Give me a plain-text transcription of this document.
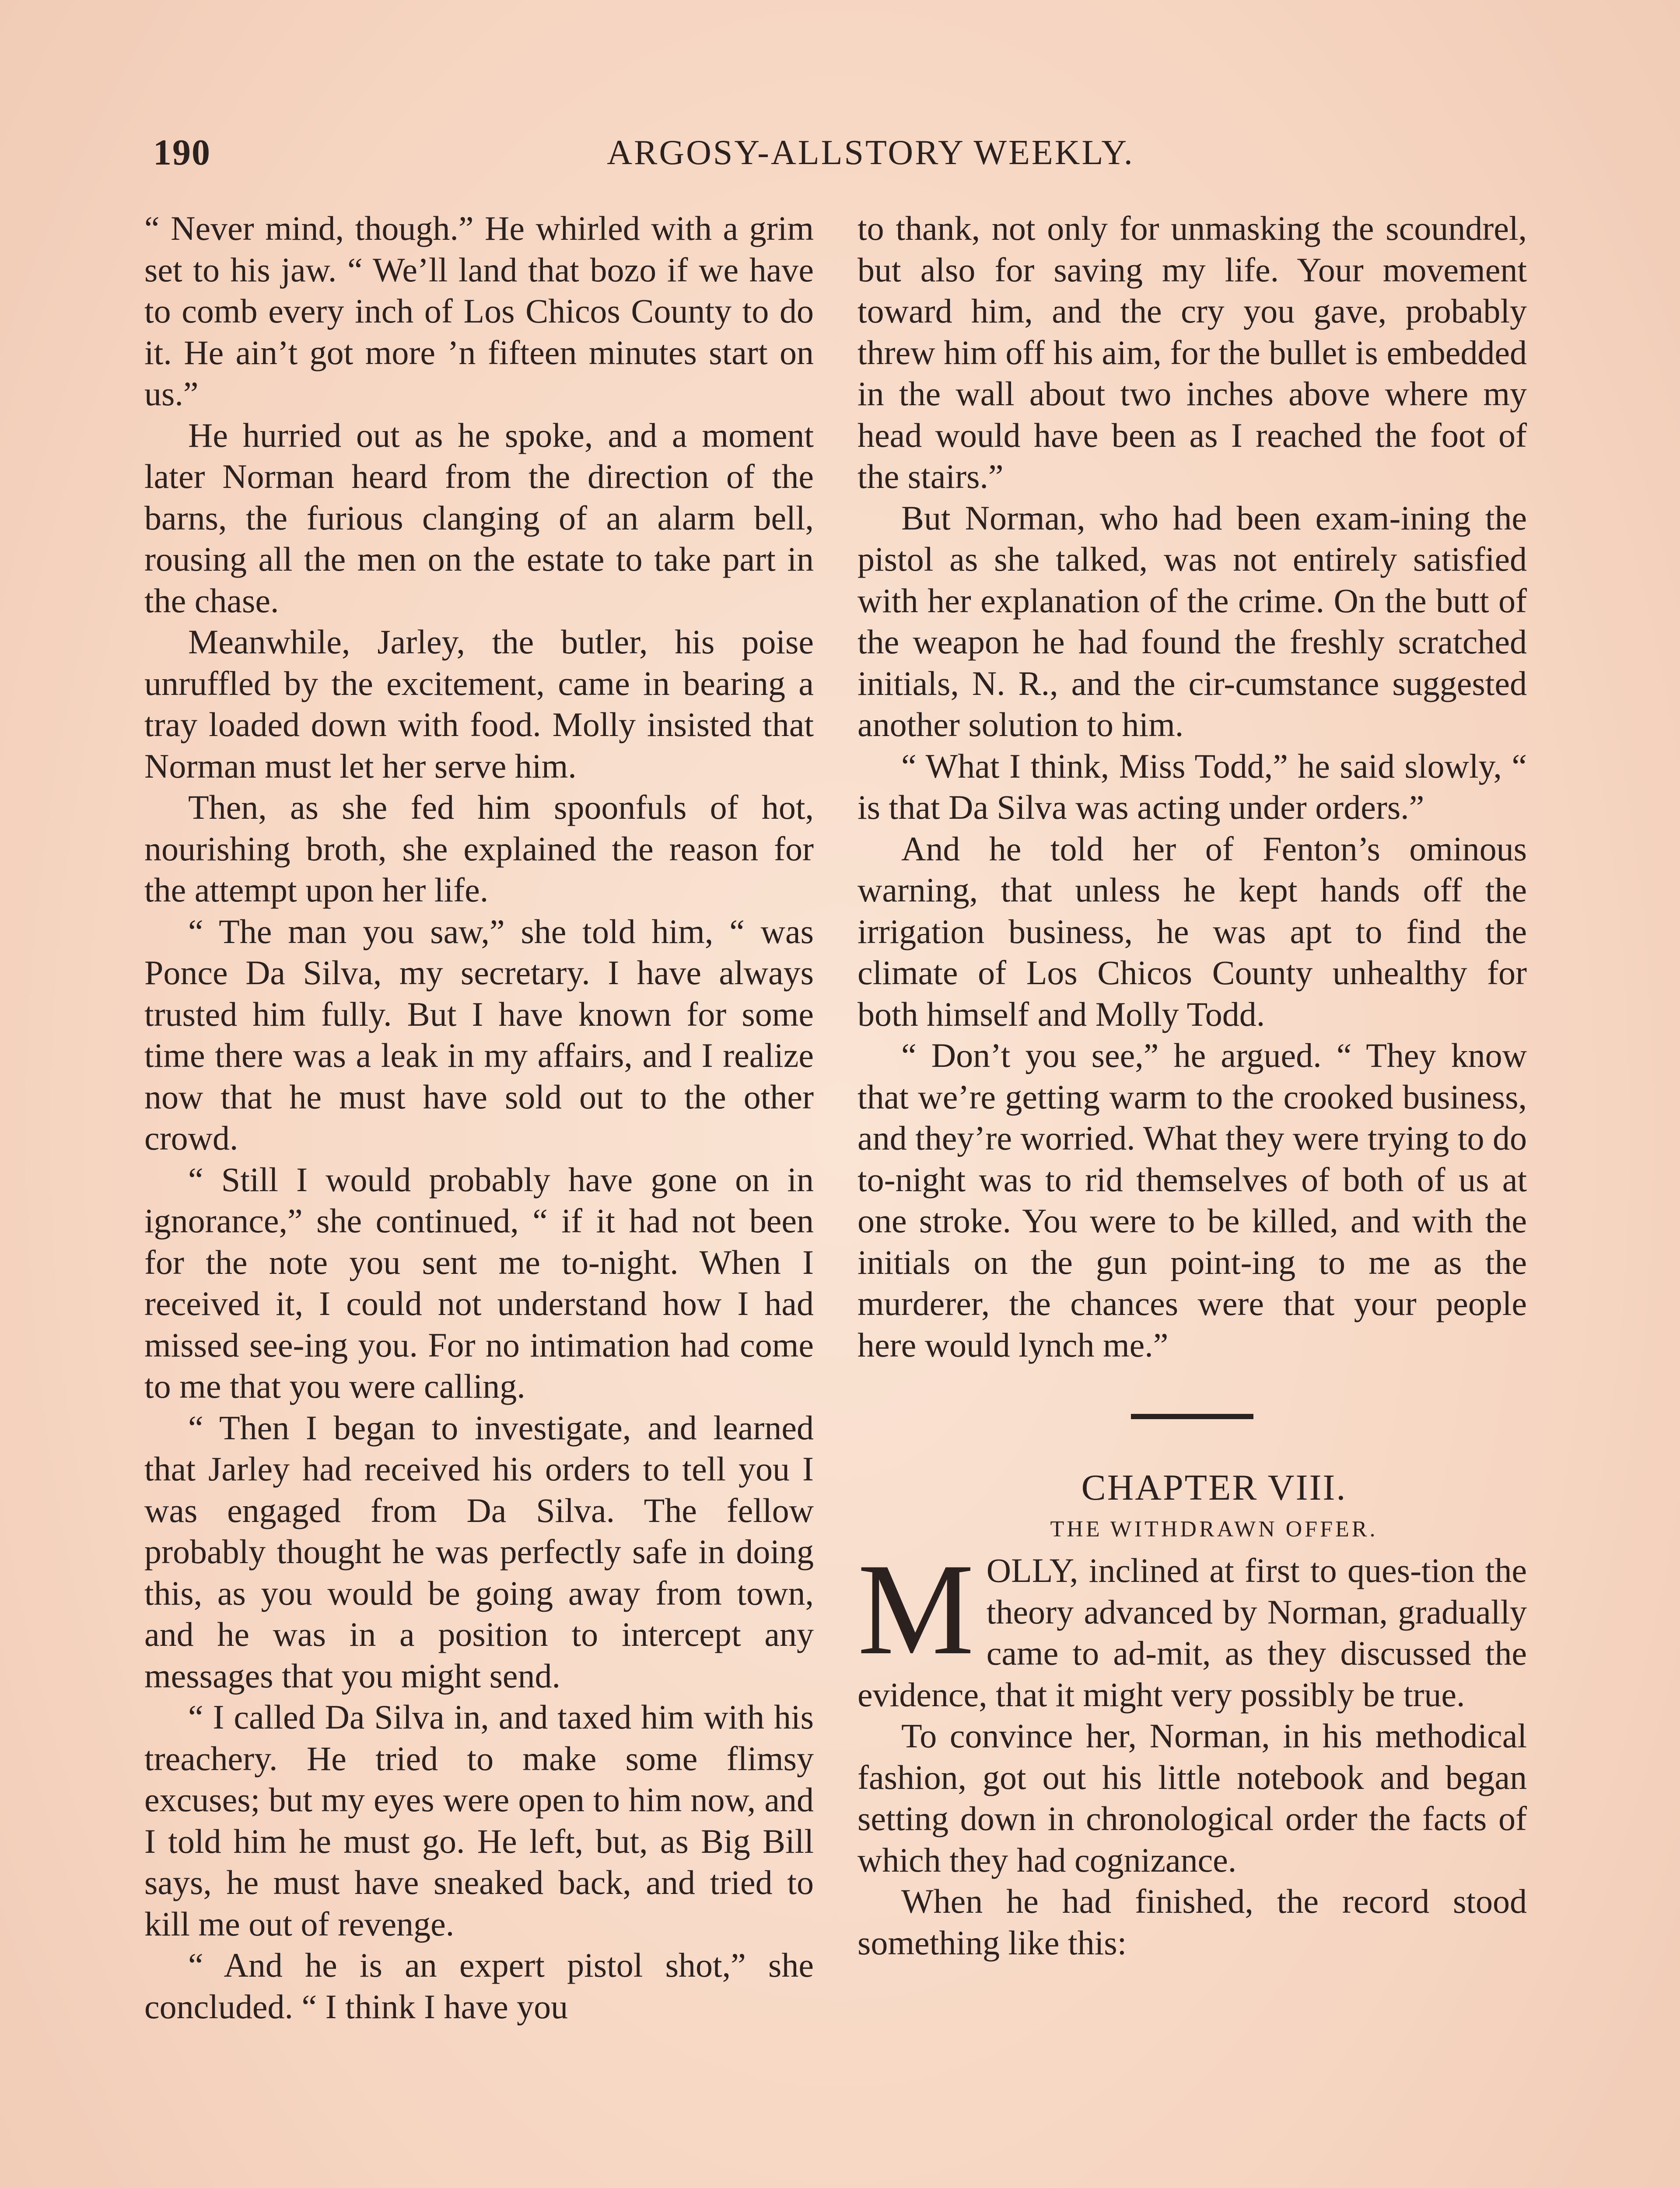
190	ARGOSY-ALLSTORY WEEKLY.

“ Never mind, though.” He whirled with a grim set to his jaw. “ We’ll land that bozo if we have to comb every inch of Los Chicos County to do it. He ain’t got more ’n fifteen minutes start on us.”

He hurried out as he spoke, and a moment later Norman heard from the direction of the barns, the furious clanging of an alarm bell, rousing all the men on the estate to take part in the chase.

Meanwhile, Jarley, the butler, his poise unruffled by the excitement, came in bearing a tray loaded down with food. Molly insisted that Norman must let her serve him.

Then, as she fed him spoonfuls of hot, nourishing broth, she explained the reason for the attempt upon her life.

“ The man you saw,” she told him, “ was Ponce Da Silva, my secretary. I have always trusted him fully. But I have known for some time there was a leak in my affairs, and I realize now that he must have sold out to the other crowd.

“ Still I would probably have gone on in ignorance,” she continued, “ if it had not been for the note you sent me to-night. When I received it, I could not understand how I had missed see-ing you. For no intimation had come to me that you were calling.

“ Then I began to investigate, and learned that Jarley had received his orders to tell you I was engaged from Da Silva. The fellow probably thought he was perfectly safe in doing this, as you would be going away from town, and he was in a position to intercept any messages that you might send.

“ I called Da Silva in, and taxed him with his treachery. He tried to make some flimsy excuses; but my eyes were open to him now, and I told him he must go. He left, but, as Big Bill says, he must have sneaked back, and tried to kill me out of revenge.

“ And he is an expert pistol shot,” she concluded. “ I think I have you

to thank, not only for unmasking the scoundrel, but also for saving my life. Your movement toward him, and the cry you gave, probably threw him off his aim, for the bullet is embedded in the wall about two inches above where my head would have been as I reached the foot of the stairs.”

But Norman, who had been exam-ining the pistol as she talked, was not entirely satisfied with her explanation of the crime. On the butt of the weapon he had found the freshly scratched initials, N. R., and the cir-cumstance suggested another solution to him.

“ What I think, Miss Todd,” he said slowly, “ is that Da Silva was acting under orders.”

And he told her of Fenton’s ominous warning, that unless he kept hands off the irrigation business, he was apt to find the climate of Los Chicos County unhealthy for both himself and Molly Todd.

“ Don’t you see,” he argued. “ They know that we’re getting warm to the crooked business, and they’re worried. What they were trying to do to-night was to rid themselves of both of us at one stroke. You were to be killed, and with the initials on the gun point-ing to me as the murderer, the chances were that your people here would lynch me.”

CHAPTER VIII.

THE WITHDRAWN OFFER.

MOLLY, inclined at first to ques-tion the theory advanced by Norman, gradually came to ad-mit, as they discussed the evidence, that it might very possibly be true.

To convince her, Norman, in his methodical fashion, got out his little notebook and began setting down in chronological order the facts of which they had cognizance.

When he had finished, the record stood something like this:
